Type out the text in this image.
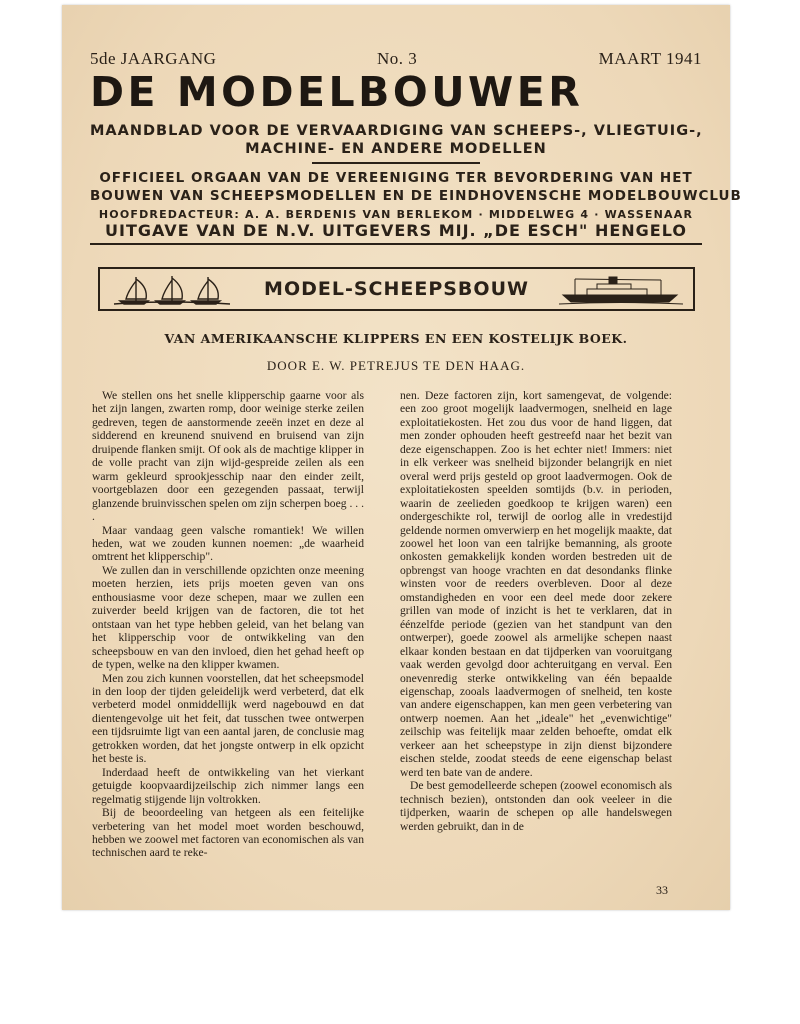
5de JAARGANG	No. 3	MAART 1941
DE MODELBOUWER
MAANDBLAD VOOR DE VERVAARDIGING VAN SCHEEPS-, VLIEGTUIG-,
MACHINE- EN ANDERE MODELLEN
OFFICIEEL ORGAAN VAN DE VEREENIGING TER BEVORDERING VAN HET
BOUWEN VAN SCHEEPSMODELLEN EN DE EINDHOVENSCHE MODELBOUWCLUB
HOOFDREDACTEUR: A. A. BERDENIS VAN BERLEKOM · MIDDELWEG 4 · WASSENAAR
UITGAVE VAN DE N.V. UITGEVERS MIJ. „DE ESCH" HENGELO
MODEL-SCHEEPSBOUW
VAN AMERIKAANSCHE KLIPPERS EN EEN KOSTELIJK BOEK.
DOOR E. W. PETREJUS TE DEN HAAG.

We stellen ons het snelle klipperschip gaarne voor als het zijn langen, zwarten romp, door weinige sterke zeilen gedreven, tegen de aanstormende zeeën inzet en deze al sidderend en kreunend snuivend en bruisend van zijn druipende flanken smijt. Of ook als de machtige klipper in de volle pracht van zijn wijd-gespreide zeilen als een warm gekleurd sprookjesschip naar den einder zeilt, voortgeblazen door een gezegenden passaat, terwijl glanzende bruinvisschen spelen om zijn scherpen boeg . . . .

Maar vandaag geen valsche romantiek! We willen heden, wat we zouden kunnen noemen: „de waarheid omtrent het klipperschip".

We zullen dan in verschillende opzichten onze meening moeten herzien, iets prijs moeten geven van ons enthousiasme voor deze schepen, maar we zullen een zuiverder beeld krijgen van de factoren, die tot het ontstaan van het type hebben geleid, van het belang van het klipperschip voor de ontwikkeling van den scheepsbouw en van den invloed, dien het gehad heeft op de typen, welke na den klipper kwamen.

Men zou zich kunnen voorstellen, dat het scheepsmodel in den loop der tijden geleidelijk werd verbeterd, dat elk verbeterd model onmiddellijk werd nagebouwd en dat dientengevolge uit het feit, dat tusschen twee ontwerpen een tijdsruimte ligt van een aantal jaren, de conclusie mag getrokken worden, dat het jongste ontwerp in elk opzicht het beste is.

Inderdaad heeft de ontwikkeling van het vierkant getuigde koopvaardijzeilschip zich nimmer langs een regelmatig stijgende lijn voltrokken.

Bij de beoordeeling van hetgeen als een feitelijke verbetering van het model moet worden beschouwd, hebben we zoowel met factoren van economischen als van technischen aard te reke-

nen. Deze factoren zijn, kort samengevat, de volgende: een zoo groot mogelijk laadvermogen, snelheid en lage exploitatiekosten. Het zou dus voor de hand liggen, dat men zonder ophouden heeft gestreefd naar het bezit van deze eigenschappen. Zoo is het echter niet! Immers: niet in elk verkeer was snelheid bijzonder belangrijk en niet overal werd prijs gesteld op groot laadvermogen. Ook de exploitatiekosten speelden somtijds (b.v. in perioden, waarin de zeelieden goedkoop te krijgen waren) een ondergeschikte rol, terwijl de oorlog alle in vredestijd geldende normen omverwierp en het mogelijk maakte, dat zoowel het loon van een talrijke bemanning, als groote onkosten gemakkelijk konden worden bestreden uit de opbrengst van hooge vrachten en dat desondanks flinke winsten voor de reeders overbleven. Door al deze omstandigheden en voor een deel mede door zekere grillen van mode of inzicht is het te verklaren, dat in éénzelfde periode (gezien van het standpunt van den ontwerper), goede zoowel als armelijke schepen naast elkaar konden bestaan en dat tijdperken van vooruitgang vaak werden gevolgd door achteruitgang en verval. Een onevenredig sterke ontwikkeling van één bepaalde eigenschap, zooals laadvermogen of snelheid, ten koste van andere eigenschappen, kan men geen verbetering van ontwerp noemen. Aan het „ideale" het „evenwichtige" zeilschip was feitelijk maar zelden behoefte, omdat elk verkeer aan het scheepstype in zijn dienst bijzondere eischen stelde, zoodat steeds de eene eigenschap belast werd ten bate van de andere.

De best gemodelleerde schepen (zoowel economisch als technisch bezien), ontstonden dan ook veeleer in die tijdperken, waarin de schepen op alle handelswegen werden gebruikt, dan in de

33
